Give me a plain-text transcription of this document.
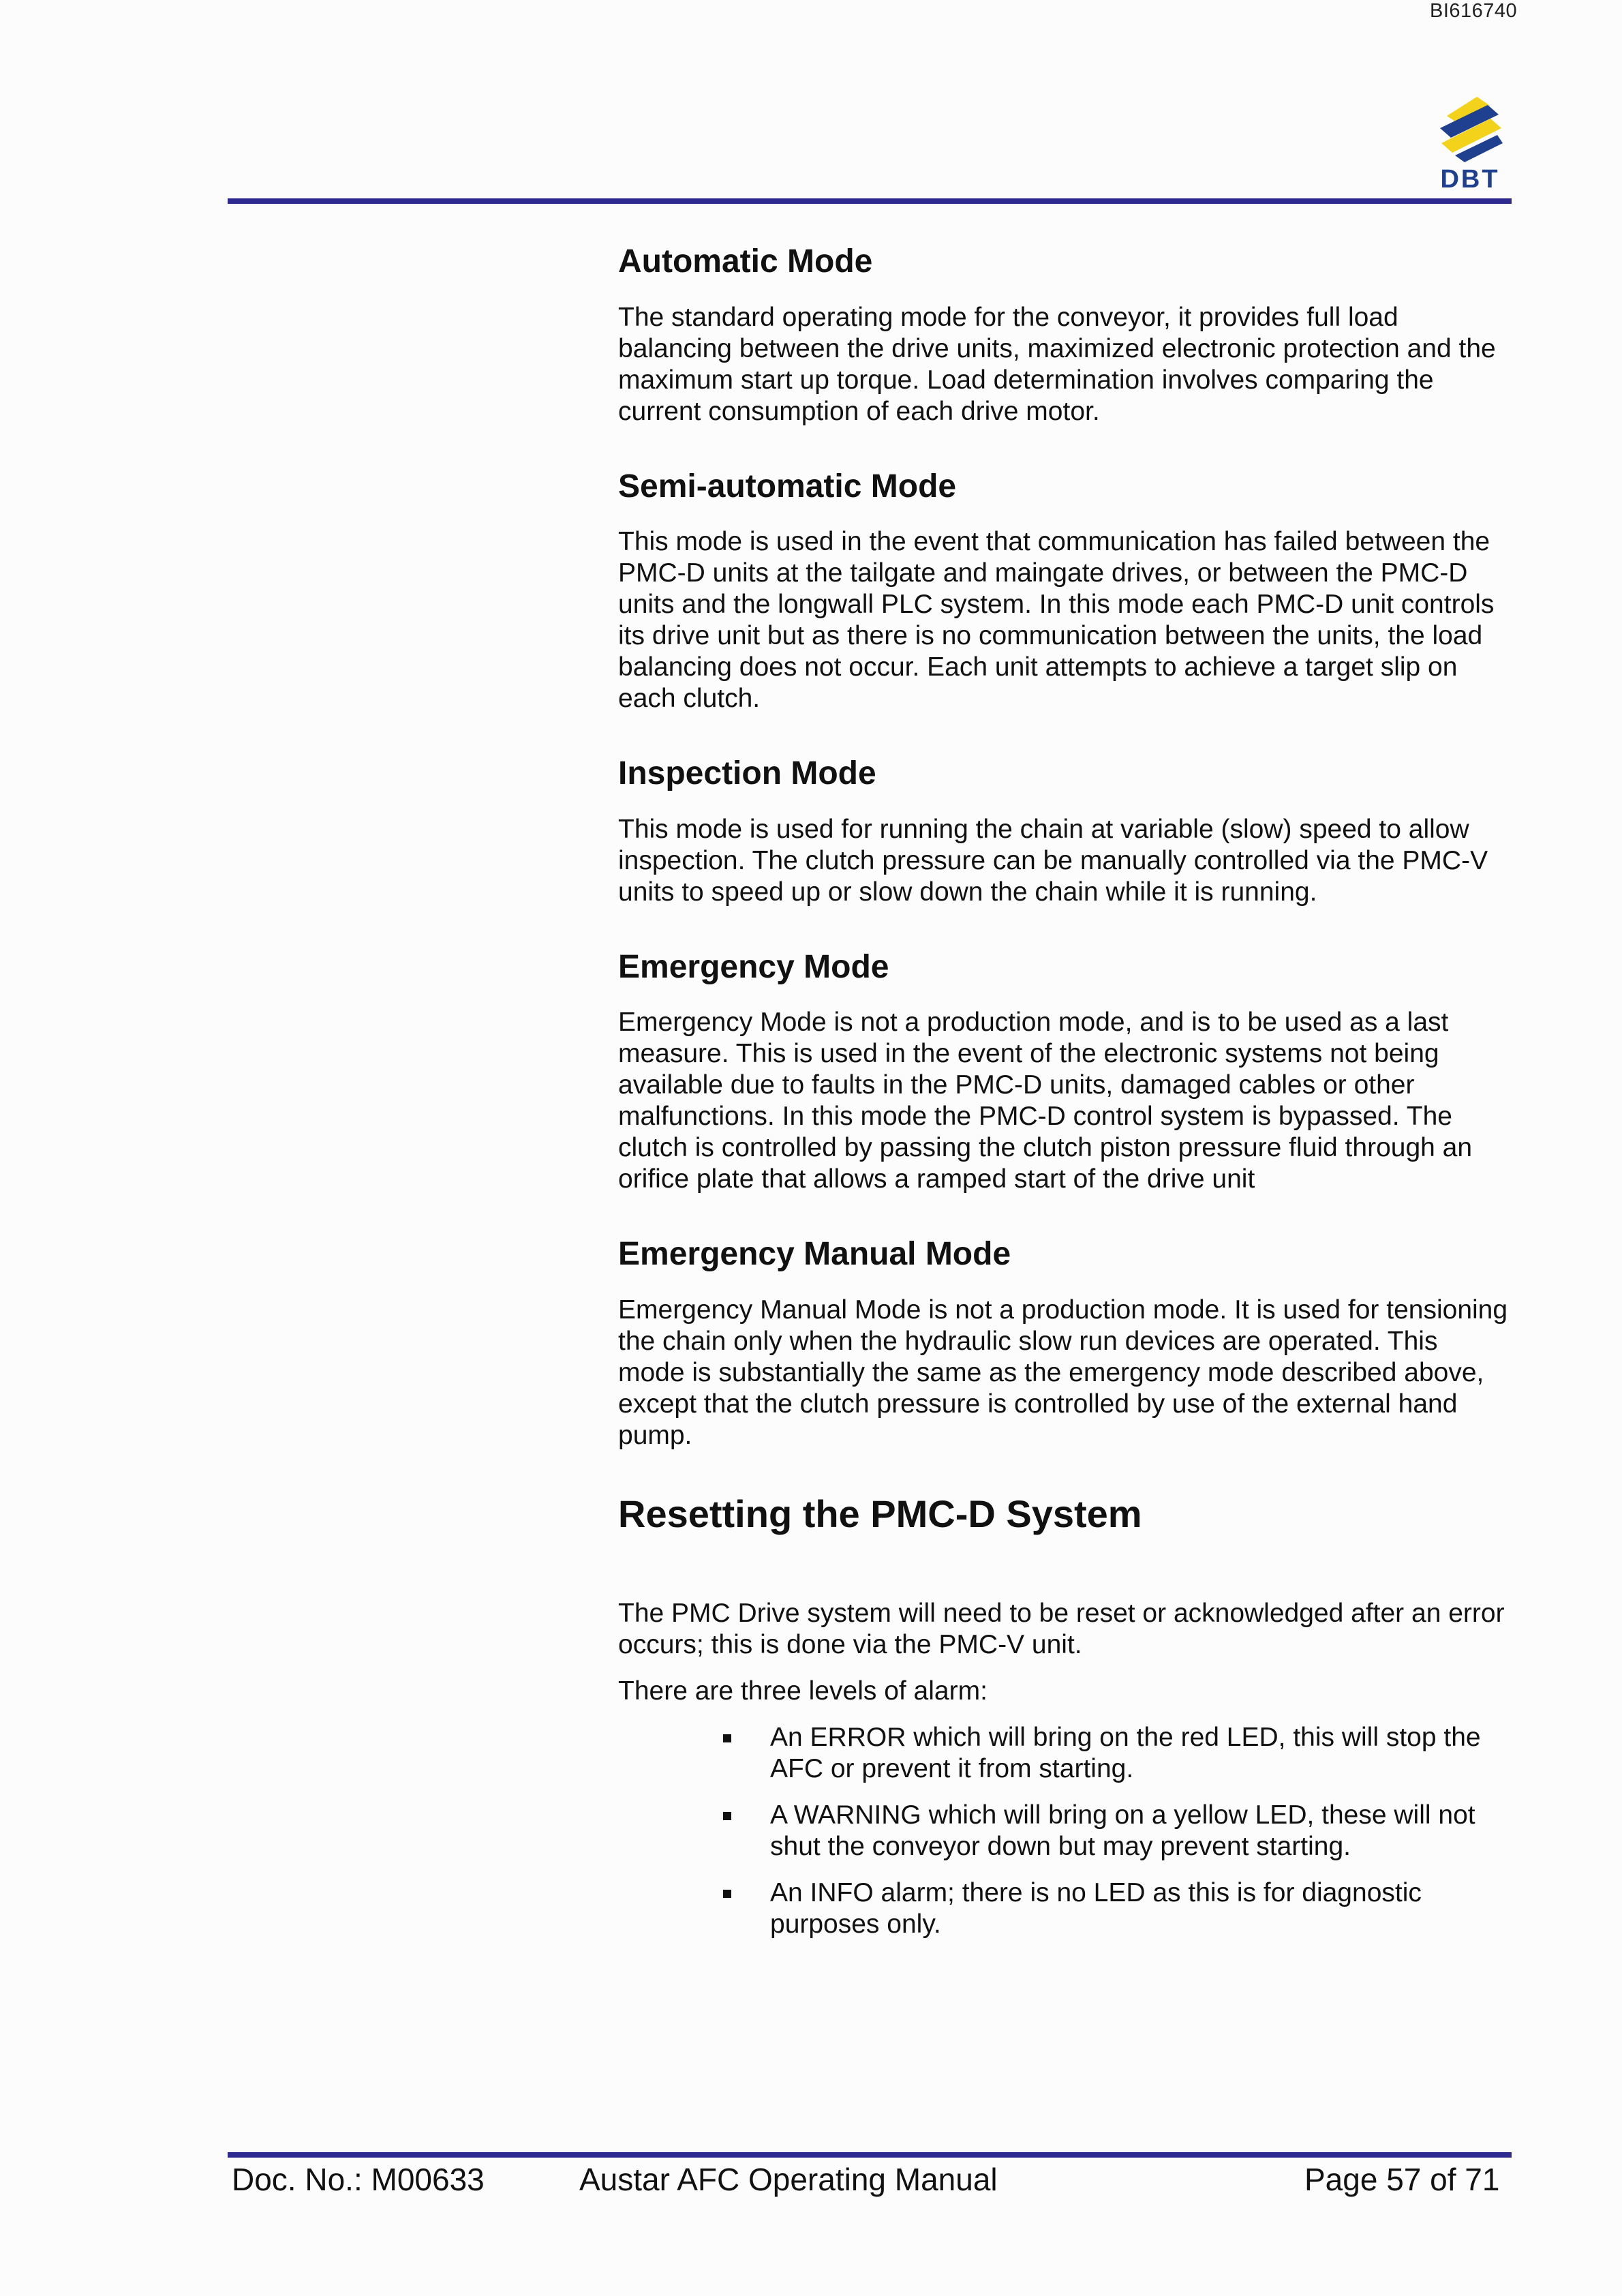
BI616740
DBT
Automatic Mode

The standard operating mode for the conveyor, it provides full load balancing between the drive units, maximized electronic protection and the maximum start up torque. Load determination involves comparing the current consumption of each drive motor.

Semi-automatic Mode

This mode is used in the event that communication has failed between the PMC-D units at the tailgate and maingate drives, or between the PMC-D units and the longwall PLC system. In this mode each PMC-D unit controls its drive unit but as there is no communication between the units, the load balancing does not occur. Each unit attempts to achieve a target slip on each clutch.

Inspection Mode

This mode is used for running the chain at variable (slow) speed to allow inspection. The clutch pressure can be manually controlled via the PMC-V units to speed up or slow down the chain while it is running.

Emergency Mode

Emergency Mode is not a production mode, and is to be used as a last measure. This is used in the event of the electronic systems not being available due to faults in the PMC-D units, damaged cables or other malfunctions. In this mode the PMC-D control system is bypassed. The clutch is controlled by passing the clutch piston pressure fluid through an orifice plate that allows a ramped start of the drive unit

Emergency Manual Mode

Emergency Manual Mode is not a production mode. It is used for tensioning the chain only when the hydraulic slow run devices are operated. This mode is substantially the same as the emergency mode described above, except that the clutch pressure is controlled by use of the external hand pump.

Resetting the PMC-D System

The PMC Drive system will need to be reset or acknowledged after an error occurs; this is done via the PMC-V unit.

There are three levels of alarm:

An ERROR which will bring on the red LED, this will stop the AFC or prevent it from starting.
A WARNING which will bring on a yellow LED, these will not shut the conveyor down but may prevent starting.
An INFO alarm; there is no LED as this is for diagnostic purposes only.
Doc. No.: M00633	Austar AFC Operating Manual	Page 57 of 71
